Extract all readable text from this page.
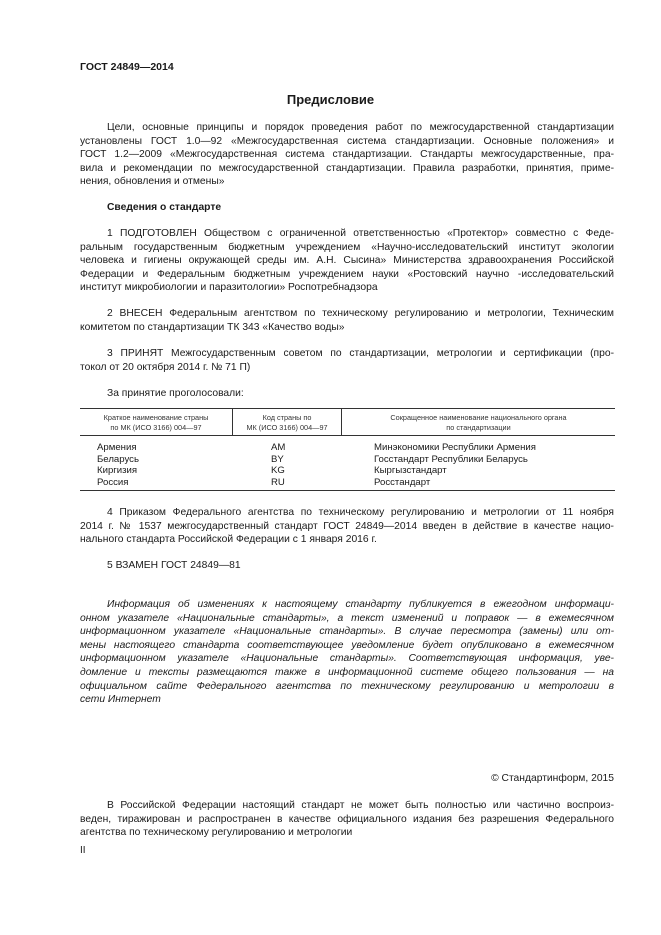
ГОСТ 24849—2014
Предисловие
Цели, основные принципы и порядок проведения работ по межгосударственной стандартизации
установлены ГОСТ 1.0—92 «Межгосударственная система стандартизации. Основные положения» и
ГОСТ 1.2—2009 «Межгосударственная система стандартизации. Стандарты межгосударственные, пра-
вила и рекомендации по межгосударственной стандартизации. Правила разработки, принятия, приме-
нения, обновления и отмены»
Сведения о стандарте
1 ПОДГОТОВЛЕН Обществом с ограниченной ответственностью «Протектор» совместно с Феде-
ральным государственным бюджетным учреждением «Научно-исследовательский институт экологии
человека и гигиены окружающей среды им. А.Н. Сысина» Министерства здравоохранения Российской
Федерации и Федеральным бюджетным учреждением науки «Ростовский научно -исследовательский
институт микробиологии и паразитологии» Роспотребнадзора
2 ВНЕСЕН Федеральным агентством по техническому регулированию и метрологии, Техническим
комитетом по стандартизации ТК 343 «Качество воды»
3 ПРИНЯТ Межгосударственным советом по стандартизации, метрологии и сертификации (про-
токол от 20 октября 2014 г. № 71 П)
За принятие проголосовали:
Краткое наименование страны
по МК (ИСО 3166) 004—97
Код страны по
МК (ИСО 3166) 004—97
Сокращенное наименование национального органа
по стандартизации
Армения	AM	Минэкономики Республики Армения
Беларусь	BY	Госстандарт Республики Беларусь
Киргизия	KG	Кыргызстандарт
Россия	RU	Росстандарт
4 Приказом Федерального агентства по техническому регулированию и метрологии от 11 ноября
2014 г. № 1537 межгосударственный стандарт ГОСТ 24849—2014 введен в действие в качестве нацио-
нального стандарта Российской Федерации с 1 января 2016 г.
5 ВЗАМЕН ГОСТ 24849—81
Информация об изменениях к настоящему стандарту публикуется в ежегодном информаци-
онном указателе «Национальные стандарты», а текст изменений и поправок — в ежемесячном
информационном указателе «Национальные стандарты». В случае пересмотра (замены) или от-
мены настоящего стандарта соответствующее уведомление будет опубликовано в ежемесячном
информационном указателе «Национальные стандарты». Соответствующая информация, уве-
домление и тексты размещаются также в информационной системе общего пользования — на
официальном сайте Федерального агентства по техническому регулированию и метрологии в
сети Интернет
© Стандартинформ, 2015
В Российской Федерации настоящий стандарт не может быть полностью или частично воспроиз-
веден, тиражирован и распространен в качестве официального издания без разрешения Федерального
агентства по техническому регулированию и метрологии
II
